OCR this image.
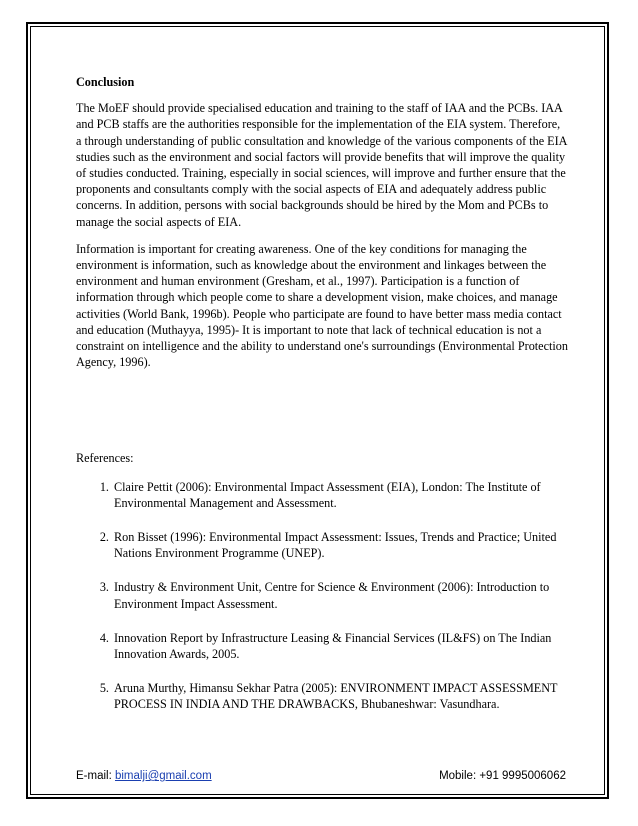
Conclusion

The MoEF should provide specialised education and training to the staff of IAA and the PCBs. IAA and PCB staffs are the authorities responsible for the implementation of the EIA system. Therefore, a through understanding of public consultation and knowledge of the various components of the EIA studies such as the environment and social factors will provide benefits that will improve the quality of studies conducted. Training, especially in social sciences, will improve and further ensure that the proponents and consultants comply with the social aspects of EIA and adequately address public concerns. In addition, persons with social backgrounds should be hired by the Mom and PCBs to manage the social aspects of EIA.

Information is important for creating awareness. One of the key conditions for managing the environment is information, such as knowledge about the environment and linkages between the environment and human environment (Gresham, et al., 1997). Participation is a function of information through which people come to share a development vision, make choices, and manage activities (World Bank, 1996b). People who participate are found to have better mass media contact and education (Muthayya, 1995)- It is important to note that lack of technical education is not a constraint on intelligence and the ability to understand one's surroundings (Environmental Protection Agency, 1996).

References:
1. Claire Pettit (2006): Environmental Impact Assessment (EIA), London: The Institute of Environmental Management and Assessment.
2. Ron Bisset (1996): Environmental Impact Assessment: Issues, Trends and Practice; United Nations Environment Programme (UNEP).
3. Industry & Environment Unit, Centre for Science & Environment (2006): Introduction to Environment Impact Assessment.
4. Innovation Report by Infrastructure Leasing & Financial Services (IL&FS) on The Indian Innovation Awards, 2005.
5. Aruna Murthy, Himansu Sekhar Patra (2005): ENVIRONMENT IMPACT ASSESSMENT PROCESS IN INDIA AND THE DRAWBACKS, Bhubaneshwar: Vasundhara.
E-mail: bimalji@gmail.com	Mobile: +91 9995006062
